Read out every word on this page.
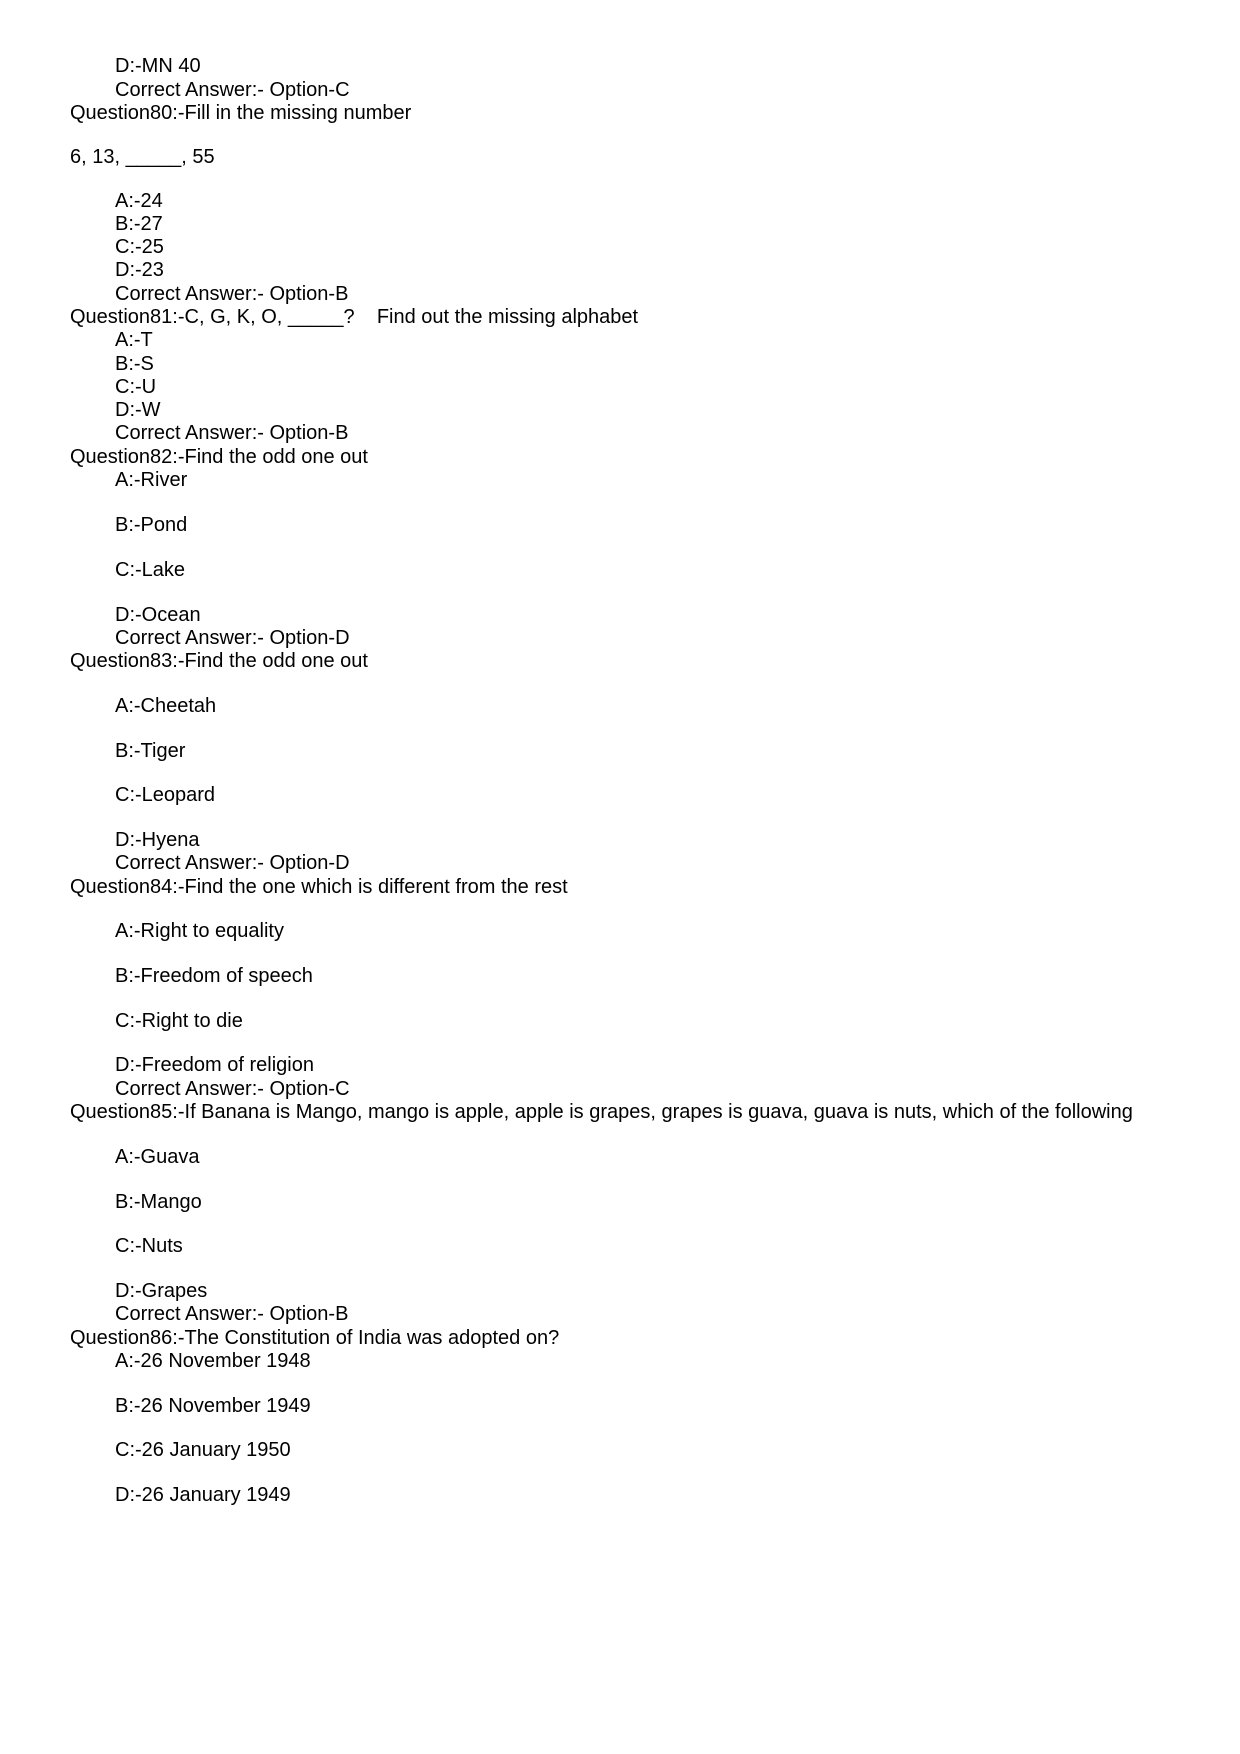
D:-MN 40
Correct Answer:- Option-C
Question80:-Fill in the missing number
6, 13, _____, 55
A:-24
B:-27
C:-25
D:-23
Correct Answer:- Option-B
Question81:-C, G, K, O, _____?    Find out the missing alphabet
A:-T
B:-S
C:-U
D:-W
Correct Answer:- Option-B
Question82:-Find the odd one out
A:-River
B:-Pond
C:-Lake
D:-Ocean
Correct Answer:- Option-D
Question83:-Find the odd one out
A:-Cheetah
B:-Tiger
C:-Leopard
D:-Hyena
Correct Answer:- Option-D
Question84:-Find the one which is different from the rest
A:-Right to equality
B:-Freedom of speech
C:-Right to die
D:-Freedom of religion
Correct Answer:- Option-C
Question85:-If Banana is Mango, mango is apple, apple is grapes, grapes is guava, guava is nuts, which of the following
A:-Guava
B:-Mango
C:-Nuts
D:-Grapes
Correct Answer:- Option-B
Question86:-The Constitution of India was adopted on?
A:-26 November 1948
B:-26 November 1949
C:-26 January 1950
D:-26 January 1949
